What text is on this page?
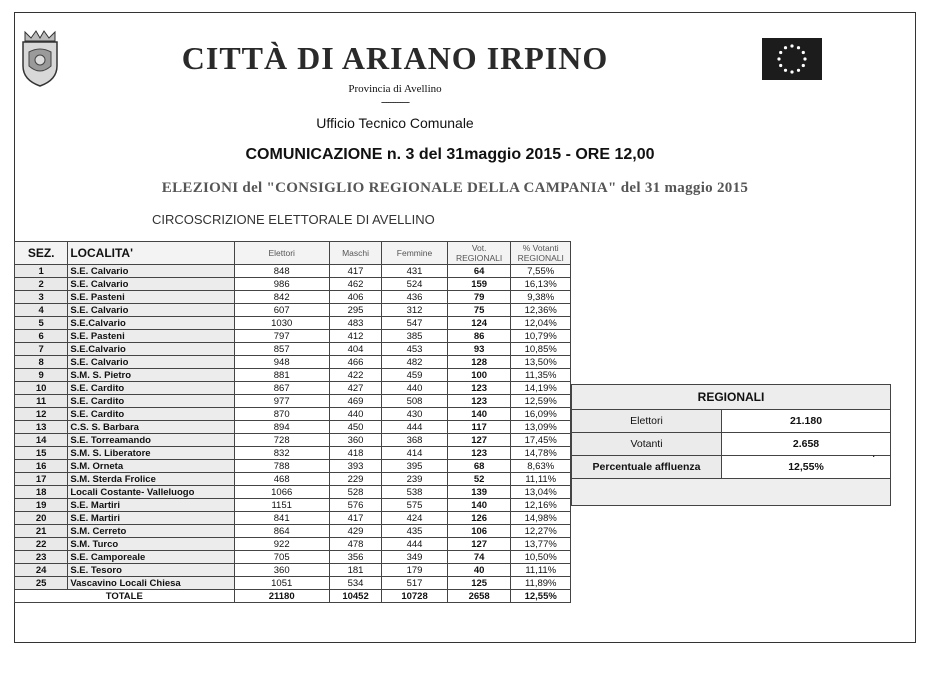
CITTÀ DI ARIANO IRPINO
Provincia di Avellino
------------
Ufficio Tecnico Comunale
COMUNICAZIONE n. 3 del 31maggio 2015 - ORE 12,00
ELEZIONI del "CONSIGLIO REGIONALE DELLA CAMPANIA" del 31 maggio 2015
CIRCOSCRIZIONE ELETTORALE DI AVELLINO
SEZ.	LOCALITA'	Elettori	Maschi	Femmine	Vot. REGIONALI	% Votanti REGIONALI
1	S.E. Calvario	848	417	431	64	7,55%
2	S.E. Calvario	986	462	524	159	16,13%
3	S.E. Pasteni	842	406	436	79	9,38%
4	S.E. Calvario	607	295	312	75	12,36%
5	S.E.Calvario	1030	483	547	124	12,04%
6	S.E. Pasteni	797	412	385	86	10,79%
7	S.E.Calvario	857	404	453	93	10,85%
8	S.E. Calvario	948	466	482	128	13,50%
9	S.M. S. Pietro	881	422	459	100	11,35%
10	S.E. Cardito	867	427	440	123	14,19%
11	S.E. Cardito	977	469	508	123	12,59%
12	S.E. Cardito	870	440	430	140	16,09%
13	C.S. S. Barbara	894	450	444	117	13,09%
14	S.E. Torreamando	728	360	368	127	17,45%
15	S.M. S. Liberatore	832	418	414	123	14,78%
16	S.M. Orneta	788	393	395	68	8,63%
17	S.M. Sterda Frolice	468	229	239	52	11,11%
18	Locali Costante- Valleluogo	1066	528	538	139	13,04%
19	S.E. Martiri	1151	576	575	140	12,16%
20	S.E. Martiri	841	417	424	126	14,98%
21	S.M. Cerreto	864	429	435	106	12,27%
22	S.M. Turco	922	478	444	127	13,77%
23	S.E. Camporeale	705	356	349	74	10,50%
24	S.E. Tesoro	360	181	179	40	11,11%
25	Vascavino Locali Chiesa	1051	534	517	125	11,89%
TOTALE		21180	10452	10728	2658	12,55%
REGIONALI	
Elettori	21.180
Votanti	2.658
Percentuale affluenza	12,55%

.
